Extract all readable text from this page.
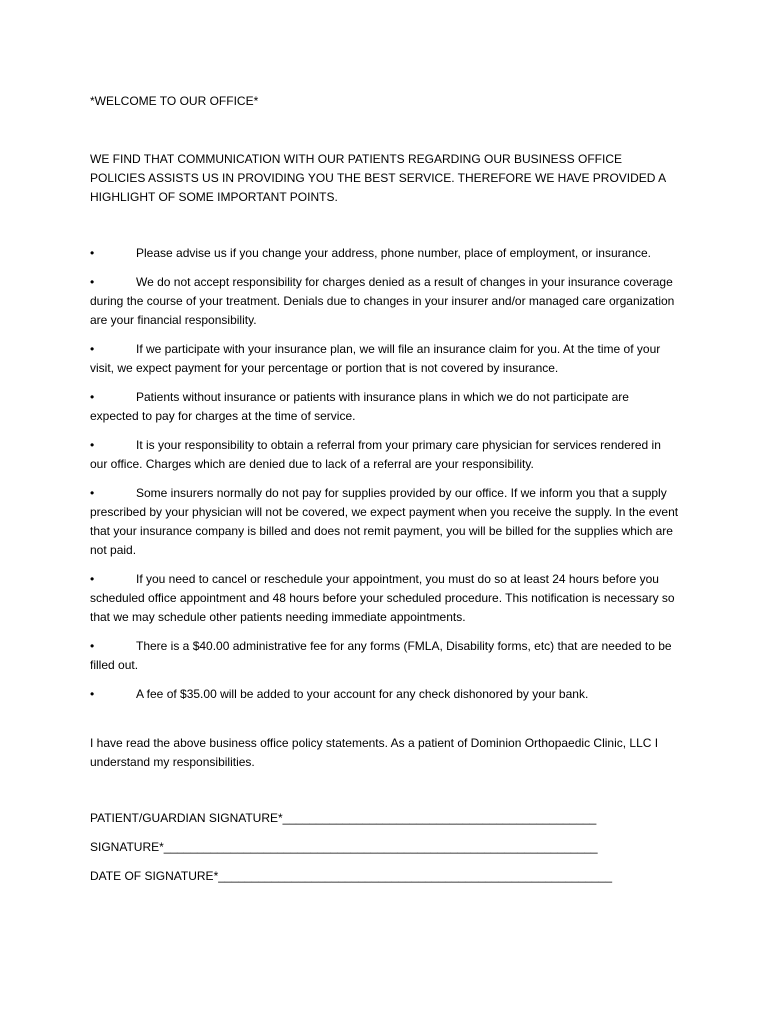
*WELCOME TO OUR OFFICE*

WE FIND THAT COMMUNICATION WITH OUR PATIENTS REGARDING OUR BUSINESS OFFICE POLICIES ASSISTS US IN PROVIDING YOU THE BEST SERVICE. THEREFORE WE HAVE PROVIDED A HIGHLIGHT OF SOME IMPORTANT POINTS.

•	Please advise us if you change your address, phone number, place of employment, or insurance.
•	We do not accept responsibility for charges denied as a result of changes in your insurance coverage during the course of your treatment. Denials due to changes in your insurer and/or managed care organization are your financial responsibility.
•	If we participate with your insurance plan, we will file an insurance claim for you. At the time of your visit, we expect payment for your percentage or portion that is not covered by insurance.
•	Patients without insurance or patients with insurance plans in which we do not participate are expected to pay for charges at the time of service.
•	It is your responsibility to obtain a referral from your primary care physician for services rendered in our office. Charges which are denied due to lack of a referral are your responsibility.
•	Some insurers normally do not pay for supplies provided by our office. If we inform you that a supply prescribed by your physician will not be covered, we expect payment when you receive the supply. In the event that your insurance company is billed and does not remit payment, you will be billed for the supplies which are not paid.
•	If you need to cancel or reschedule your appointment, you must do so at least 24 hours before you scheduled office appointment and 48 hours before your scheduled procedure. This notification is necessary so that we may schedule other patients needing immediate appointments.
•	There is a $40.00 administrative fee for any forms (FMLA, Disability forms, etc) that are needed to be filled out.
•	A fee of $35.00 will be added to your account for any check dishonored by your bank.

I have read the above business office policy statements. As a patient of Dominion Orthopaedic Clinic, LLC I understand my responsibilities.

PATIENT/GUARDIAN SIGNATURE*_______________________________________________

SIGNATURE*_________________________________________________________________

DATE OF SIGNATURE*___________________________________________________________
